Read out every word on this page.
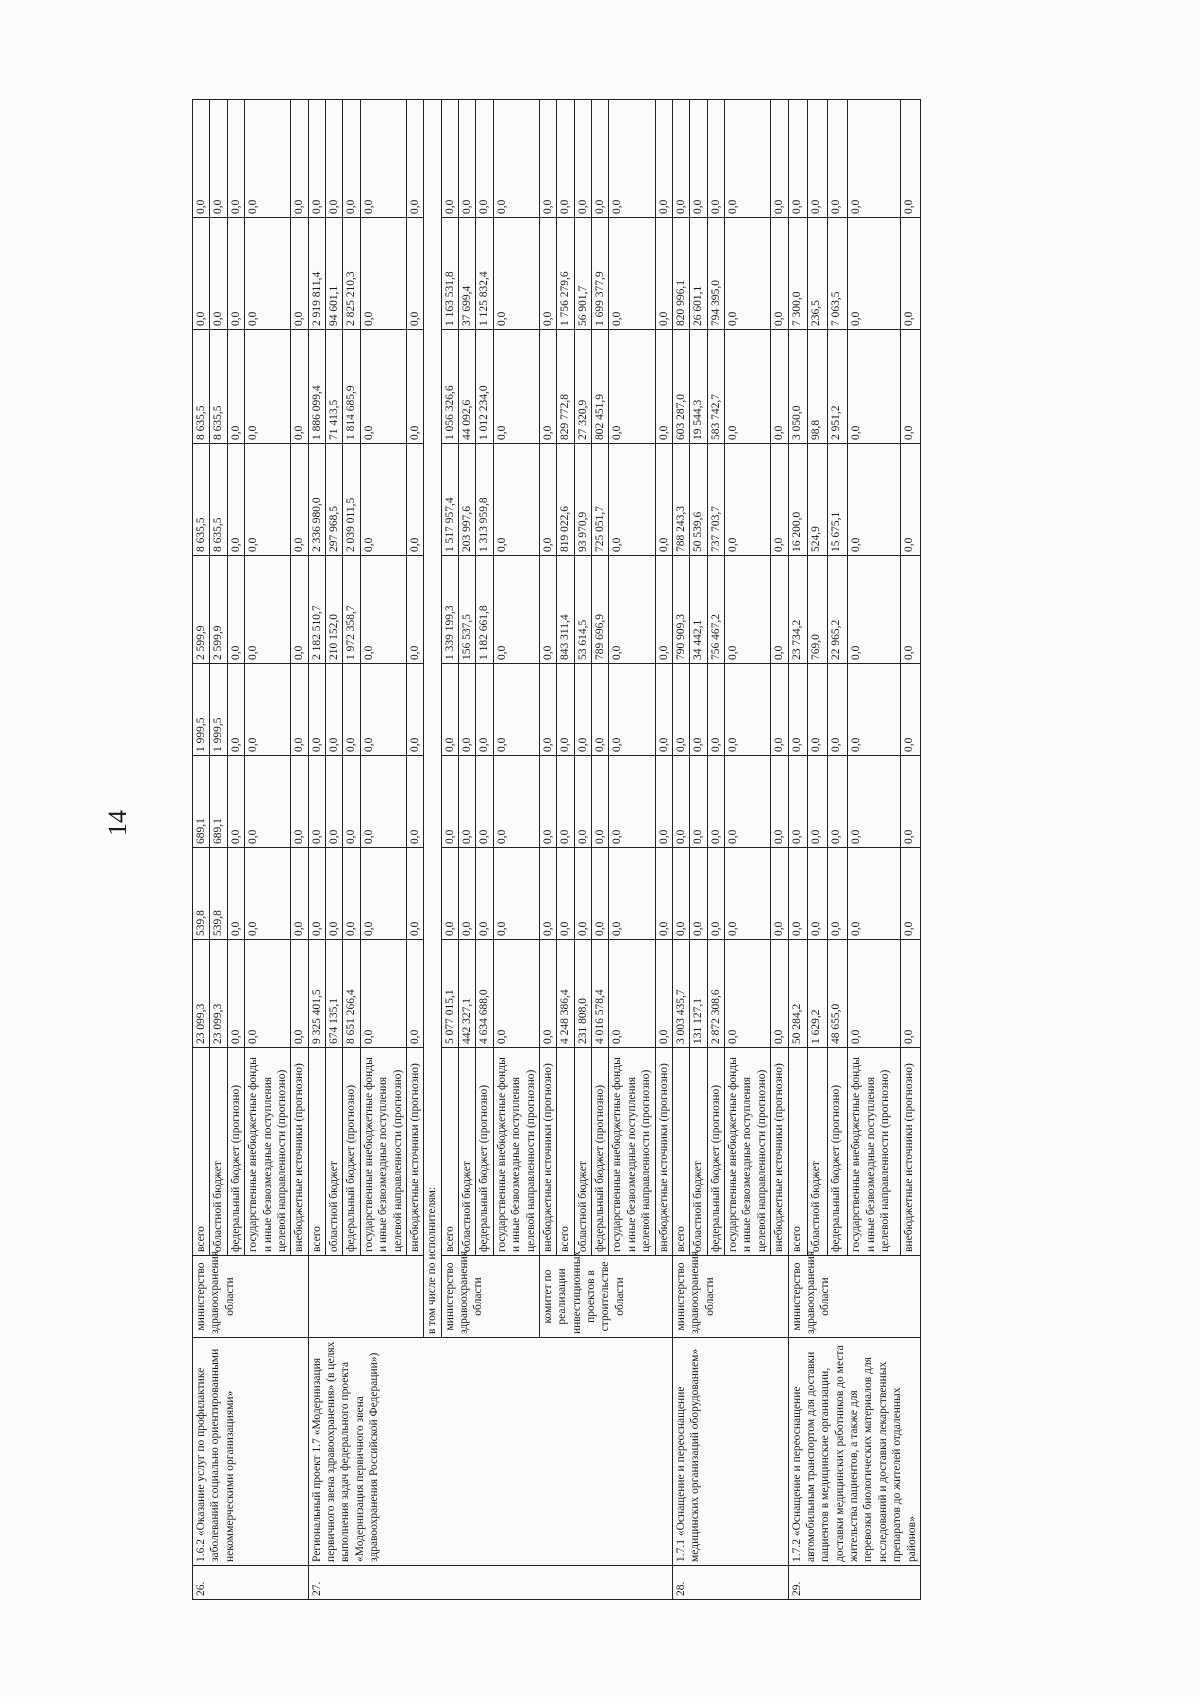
14
26.	1.6.2 «Оказание услуг по профилактике заболеваний социально ориентированными некоммерческими организациями»	министерство здравоохранения области	всего	23 099,3	539,8	689,1	1 999,5	2 599,9	8 635,5	8 635,5	0,0	0,0
			областной бюджет	23 099,3	539,8	689,1	1 999,5	2 599,9	8 635,5	8 635,5	0,0	0,0
			федеральный бюджет (прогнозно)	0,0	0,0	0,0	0,0	0,0	0,0	0,0	0,0	0,0
			государственные внебюджетные фонды и иные безвозмездные поступления целевой направленности (прогнозно)	0,0	0,0	0,0	0,0	0,0	0,0	0,0	0,0	0,0
			внебюджетные источники (прогнозно)	0,0	0,0	0,0	0,0	0,0	0,0	0,0	0,0	0,0
27.	Региональный проект 1.7 «Модернизация первичного звена здравоохранения» (в целях выполнения задач федерального проекта «Модернизация первичного звена здравоохранения Российской Федерации»)		всего	9 325 401,5	0,0	0,0	0,0	2 182 510,7	2 336 980,0	1 886 099,4	2 919 811,4	0,0
			областной бюджет	674 135,1	0,0	0,0	0,0	210 152,0	297 968,5	71 413,5	94 601,1	0,0
			федеральный бюджет (прогнозно)	8 651 266,4	0,0	0,0	0,0	1 972 358,7	2 039 011,5	1 814 685,9	2 825 210,3	0,0
			государственные внебюджетные фонды и иные безвозмездные поступления целевой направленности (прогнозно)	0,0	0,0	0,0	0,0	0,0	0,0	0,0	0,0	0,0
			внебюджетные источники (прогнозно)	0,0	0,0	0,0	0,0	0,0	0,0	0,0	0,0	0,0
		в том числе по исполнителям:										
		министерство здравоохранения области	всего	5 077 015,1	0,0	0,0	0,0	1 339 199,3	1 517 957,4	1 056 326,6	1 163 531,8	0,0
			областной бюджет	442 327,1	0,0	0,0	0,0	156 537,5	203 997,6	44 092,6	37 699,4	0,0
			федеральный бюджет (прогнозно)	4 634 688,0	0,0	0,0	0,0	1 182 661,8	1 313 959,8	1 012 234,0	1 125 832,4	0,0
			государственные внебюджетные фонды и иные безвозмездные поступления целевой направленности (прогнозно)	0,0	0,0	0,0	0,0	0,0	0,0	0,0	0,0	0,0
		комитет по реализации инвестиционных проектов в строительстве области	внебюджетные источники (прогнозно)	0,0	0,0	0,0	0,0	0,0	0,0	0,0	0,0	0,0
			всего	4 248 386,4	0,0	0,0	0,0	843 311,4	819 022,6	829 772,8	1 756 279,6	0,0
			областной бюджет	231 808,0	0,0	0,0	0,0	53 614,5	93 970,9	27 320,9	56 901,7	0,0
			федеральный бюджет (прогнозно)	4 016 578,4	0,0	0,0	0,0	789 696,9	725 051,7	802 451,9	1 699 377,9	0,0
			государственные внебюджетные фонды и иные безвозмездные поступления целевой направленности (прогнозно)	0,0	0,0	0,0	0,0	0,0	0,0	0,0	0,0	0,0
			внебюджетные источники (прогнозно)	0,0	0,0	0,0	0,0	0,0	0,0	0,0	0,0	0,0
28.	1.7.1 «Оснащение и переоснащение медицинских организаций оборудованием»	министерство здравоохранения области	всего	3 003 435,7	0,0	0,0	0,0	790 909,3	788 243,3	603 287,0	820 996,1	0,0
			областной бюджет	131 127,1	0,0	0,0	0,0	34 442,1	50 539,6	19 544,3	26 601,1	0,0
			федеральный бюджет (прогнозно)	2 872 308,6	0,0	0,0	0,0	756 467,2	737 703,7	583 742,7	794 395,0	0,0
			государственные внебюджетные фонды и иные безвозмездные поступления целевой направленности (прогнозно)	0,0	0,0	0,0	0,0	0,0	0,0	0,0	0,0	0,0
			внебюджетные источники (прогнозно)	0,0	0,0	0,0	0,0	0,0	0,0	0,0	0,0	0,0
29.	1.7.2 «Оснащение и переоснащение автомобильным транспортом для доставки пациентов в медицинские организации, доставки медицинских работников до места жительства пациентов, а также для перевозки биологических материалов для исследований и доставки лекарственных препаратов до жителей отдаленных районов»	министерство здравоохранения области	всего	50 284,2	0,0	0,0	0,0	23 734,2	16 200,0	3 050,0	7 300,0	0,0
			областной бюджет	1 629,2	0,0	0,0	0,0	769,0	524,9	98,8	236,5	0,0
			федеральный бюджет (прогнозно)	48 655,0	0,0	0,0	0,0	22 965,2	15 675,1	2 951,2	7 063,5	0,0
			государственные внебюджетные фонды и иные безвозмездные поступления целевой направленности (прогнозно)	0,0	0,0	0,0	0,0	0,0	0,0	0,0	0,0	0,0
			внебюджетные источники (прогнозно)	0,0	0,0	0,0	0,0	0,0	0,0	0,0	0,0	0,0
